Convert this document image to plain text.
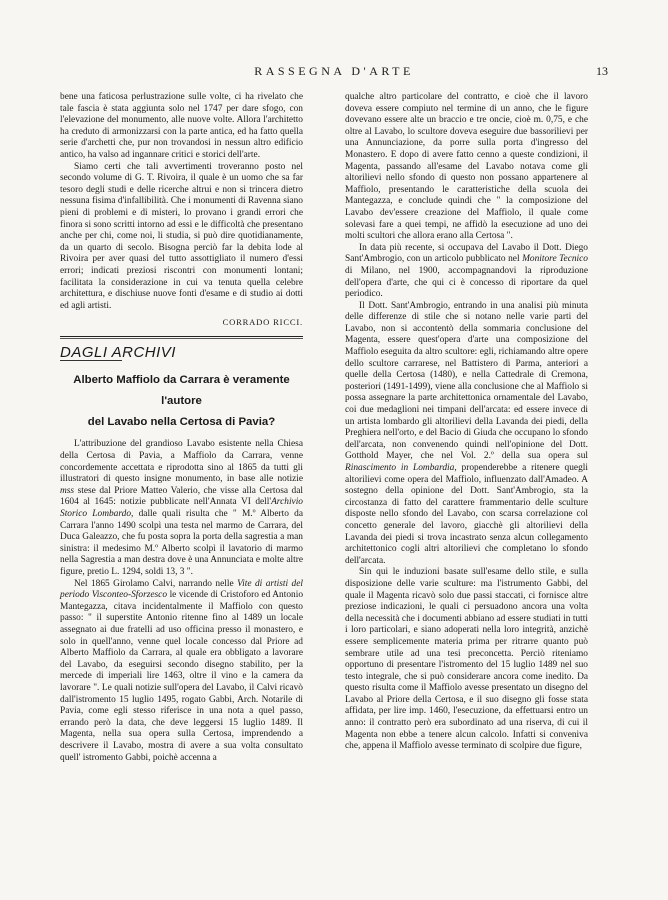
RASSEGNA D'ARTE	13

bene una faticosa perlustrazione sulle volte, ci ha rivelato che tale fascia è stata aggiunta solo nel 1747 per dare sfogo, con l'elevazione del monumento, alle nuove volte. Allora l'architetto ha creduto di armonizzarsi con la parte antica, ed ha fatto quella serie d'archetti che, pur non trovandosi in nessun altro edificio antico, ha valso ad ingannare critici e storici dell'arte.

Siamo certi che tali avvertimenti troveranno posto nel secondo volume di G. T. Rivoira, il quale è un uomo che sa far tesoro degli studi e delle ricerche altrui e non si trincera dietro nessuna fisima d'infallibilità. Che i monumenti di Ravenna siano pieni di problemi e di misteri, lo provano i grandi errori che finora si sono scritti intorno ad essi e le difficoltà che presentano anche per chi, come noi, li studia, si può dire quotidianamente, da un quarto di secolo. Bisogna perciò far la debita lode al Rivoira per aver quasi del tutto assottigliato il numero d'essi errori; indicati preziosi riscontri con monumenti lontani; facilitata la considerazione in cui va tenuta quella celebre architettura, e dischiuse nuove fonti d'esame e di studio ai dotti ed agli artisti.

CORRADO RICCI.
DAGLI ARCHIVI
Alberto Maffiolo da Carrara è veramente l'autore
del Lavabo nella Certosa di Pavia?

L'attribuzione del grandioso Lavabo esistente nella Chiesa della Certosa di Pavia, a Maffiolo da Carrara, venne concordemente accettata e riprodotta sino al 1865 da tutti gli illustratori di questo insigne monumento, in base alle notizie mss stese dal Priore Matteo Valerio, che visse alla Certosa dal 1604 al 1645: notizie pubblicate nell'Annata VI dell'Archivio Storico Lombardo, dalle quali risulta che " M.º Alberto da Carrara l'anno 1490 scolpì una testa nel marmo de Carrara, del Duca Galeazzo, che fu posta sopra la porta della sagrestia a man sinistra: il medesimo M.º Alberto scolpì il lavatorio di marmo nella Sagrestia a man destra dove è una Annunciata e molte altre figure, pretio L. 1294, soldi 13, 3 ".

Nel 1865 Girolamo Calvi, narrando nelle Vite di artisti del periodo Visconteo-Sforzesco le vicende di Cristoforo ed Antonio Mantegazza, citava incidentalmente il Maffiolo con questo passo: " il superstite Antonio ritenne fino al 1489 un locale assegnato ai due fratelli ad uso officina presso il monastero, e solo in quell'anno, venne quel locale concesso dal Priore ad Alberto Maffiolo da Carrara, al quale era obbligato a lavorare del Lavabo, da eseguirsi secondo disegno stabilito, per la mercede di imperiali lire 1463, oltre il vino e la camera da lavorare ". Le quali notizie sull'opera del Lavabo, il Calvi ricavò dall'istromento 15 luglio 1495, rogato Gabbi, Arch. Notarile di Pavia, come egli stesso riferisce in una nota a quel passo, errando però la data, che deve leggersi 15 luglio 1489. Il Magenta, nella sua opera sulla Certosa, imprendendo a descrivere il Lavabo, mostra di avere a sua volta consultato quell' istromento Gabbi, poichè accenna a

qualche altro particolare del contratto, e cioè che il lavoro doveva essere compiuto nel termine di un anno, che le figure dovevano essere alte un braccio e tre oncie, cioè m. 0,75, e che oltre al Lavabo, lo scultore doveva eseguire due bassorilievi per una Annunciazione, da porre sulla porta d'ingresso del Monastero. E dopo di avere fatto cenno a queste condizioni, il Magenta, passando all'esame del Lavabo notava come gli altorilievi nello sfondo di questo non possano appartenere al Maffiolo, presentando le caratteristiche della scuola dei Mantegazza, e conclude quindi che " la composizione del Lavabo dev'essere creazione del Maffiolo, il quale come solevasi fare a quei tempi, ne affidò la esecuzione ad uno dei molti scultori che allora erano alla Certosa ".

In data più recente, si occupava del Lavabo il Dott. Diego Sant'Ambrogio, con un articolo pubblicato nel Monitore Tecnico di Milano, nel 1900, accompagnandovi la riproduzione dell'opera d'arte, che qui ci è concesso di riportare da quel periodico.

Il Dott. Sant'Ambrogio, entrando in una analisi più minuta delle differenze di stile che si notano nelle varie parti del Lavabo, non si accontentò della sommaria conclusione del Magenta, essere quest'opera d'arte una composizione del Maffiolo eseguita da altro scultore: egli, richiamando altre opere dello scultore carrarese, nel Battistero di Parma, anteriori a quelle della Certosa (1480), e nella Cattedrale di Cremona, posteriori (1491-1499), viene alla conclusione che al Maffiolo si possa assegnare la parte architettonica ornamentale del Lavabo, coi due medaglioni nei timpani dell'arcata: ed essere invece di un artista lombardo gli altorilievi della Lavanda dei piedi, della Preghiera nell'orto, e del Bacio di Giuda che occupano lo sfondo dell'arcata, non convenendo quindi nell'opinione del Dott. Gotthold Mayer, che nel Vol. 2.º della sua opera sul Rinascimento in Lombardia, propenderebbe a ritenere quegli altorilievi come opera del Maffiolo, influenzato dall'Amadeo. A sostegno della opinione del Dott. Sant'Ambrogio, sta la circostanza di fatto del carattere frammentario delle sculture disposte nello sfondo del Lavabo, con scarsa correlazione col concetto generale del lavoro, giacchè gli altorilievi della Lavanda dei piedi si trova incastrato senza alcun collegamento architettonico cogli altri altorilievi che completano lo sfondo dell'arcata.

Sin qui le induzioni basate sull'esame dello stile, e sulla disposizione delle varie sculture: ma l'istrumento Gabbi, del quale il Magenta ricavò solo due passi staccati, ci fornisce altre preziose indicazioni, le quali ci persuadono ancora una volta della necessità che i documenti abbiano ad essere studiati in tutti i loro particolari, e siano adoperati nella loro integrità, anzichè essere semplicemente materia prima per ritrarre quanto può sembrare utile ad una tesi preconcetta. Perciò riteniamo opportuno di presentare l'istromento del 15 luglio 1489 nel suo testo integrale, che si può considerare ancora come inedito. Da questo risulta come il Maffiolo avesse presentato un disegno del Lavabo al Priore della Certosa, e il suo disegno gli fosse stata affidata, per lire imp. 1460, l'esecuzione, da effettuarsi entro un anno: il contratto però era subordinato ad una riserva, di cui il Magenta non ebbe a tenere alcun calcolo. Infatti si conveniva che, appena il Maffiolo avesse terminato di scolpire due figure,
